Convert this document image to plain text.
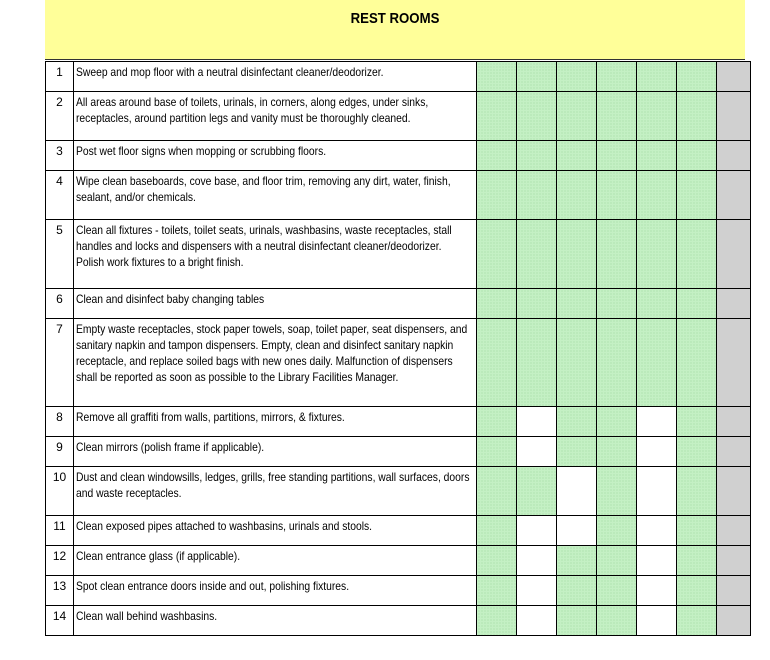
REST ROOMS
1	Sweep and mop floor with a neutral disinfectant cleaner/deodorizer.							

2	All areas around base of toilets, urinals, in corners, along edges, under sinks, receptacles, around partition legs and vanity must be thoroughly cleaned.							

3	Post wet floor signs when mopping or scrubbing floors.							

4	Wipe clean baseboards, cove base, and floor trim, removing any dirt, water, finish, sealant, and/or chemicals.							

5	Clean all fixtures - toilets, toilet seats, urinals, washbasins, waste receptacles, stall handles and locks and dispensers with a neutral disinfectant cleaner/deodorizer.
Polish work fixtures to a bright finish.							

6	Clean and disinfect baby changing tables							

7	Empty waste receptacles, stock paper towels, soap, toilet paper, seat dispensers, and sanitary napkin and tampon dispensers. Empty, clean and disinfect sanitary napkin receptacle, and replace soiled bags with new ones daily. Malfunction of dispensers shall be reported as soon as possible to the Library Facilities Manager.							

8	Remove all graffiti from walls, partitions, mirrors, & fixtures.							

9	Clean mirrors (polish frame if applicable).							

10	Dust and clean windowsills, ledges, grills, free standing partitions, wall surfaces, doors and waste receptacles.							

11	Clean exposed pipes attached to washbasins, urinals and stools.							

12	Clean entrance glass (if applicable).							

13	Spot clean entrance doors inside and out, polishing fixtures.							

14	Clean wall behind washbasins.							
